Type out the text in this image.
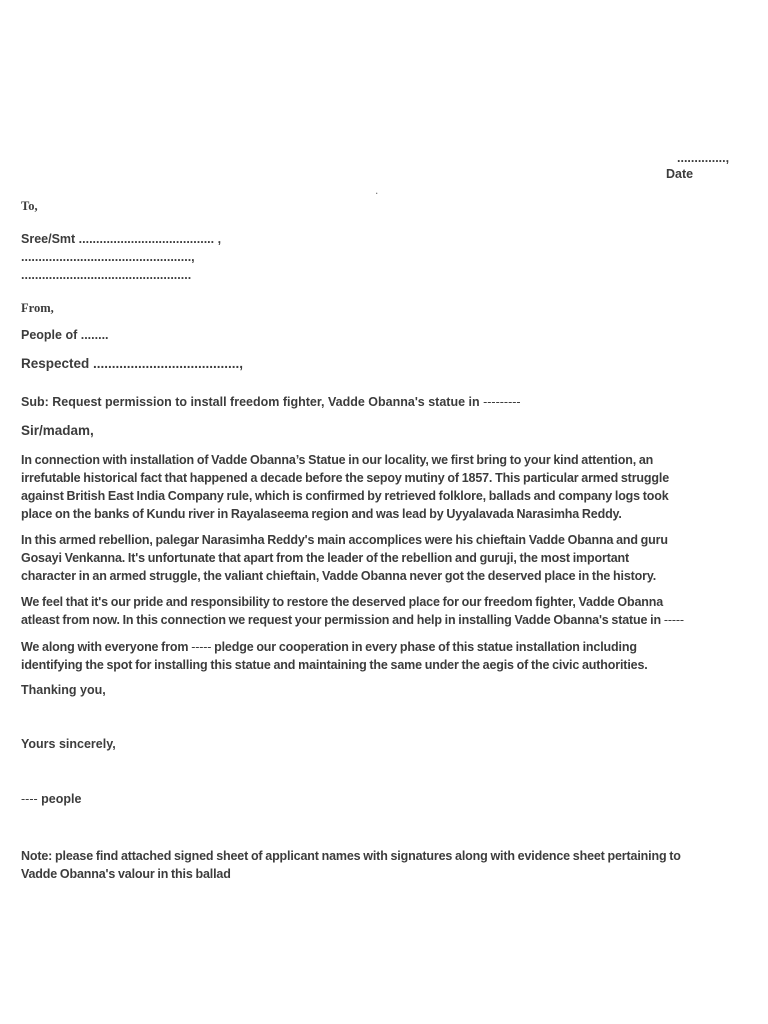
..............,

Date

.

To,

Sree/Smt ....................................... ,

.................................................,

.................................................

From,

People of ........

Respected .......................................,

Sub: Request permission to install freedom fighter, Vadde Obanna's statue in ---------

Sir/madam,

In connection with installation of Vadde Obanna’s Statue in our locality, we first bring to your kind attention, an
irrefutable historical fact that happened a decade before the sepoy mutiny of 1857. This particular armed struggle
against British East India Company rule, which is confirmed by retrieved folklore, ballads and company logs took
place on the banks of Kundu river in Rayalaseema region and was lead by Uyyalavada Narasimha Reddy.
In this armed rebellion, palegar Narasimha Reddy's main accomplices were his chieftain Vadde Obanna and guru
Gosayi Venkanna. It's unfortunate that apart from the leader of the rebellion and guruji, the most important
character in an armed struggle, the valiant chieftain, Vadde Obanna never got the deserved place in the history.
We feel that it's our pride and responsibility to restore the deserved place for our freedom fighter, Vadde Obanna
atleast from now. In this connection we request your permission and help in installing Vadde Obanna's statue in -----
We along with everyone from ----- pledge our cooperation in every phase of this statue installation including
identifying the spot for installing this statue and maintaining the same under the aegis of the civic authorities.

Thanking you,

Yours sincerely,

---- people

Note: please find attached signed sheet of applicant names with signatures along with evidence sheet pertaining to
Vadde Obanna's valour in this ballad
